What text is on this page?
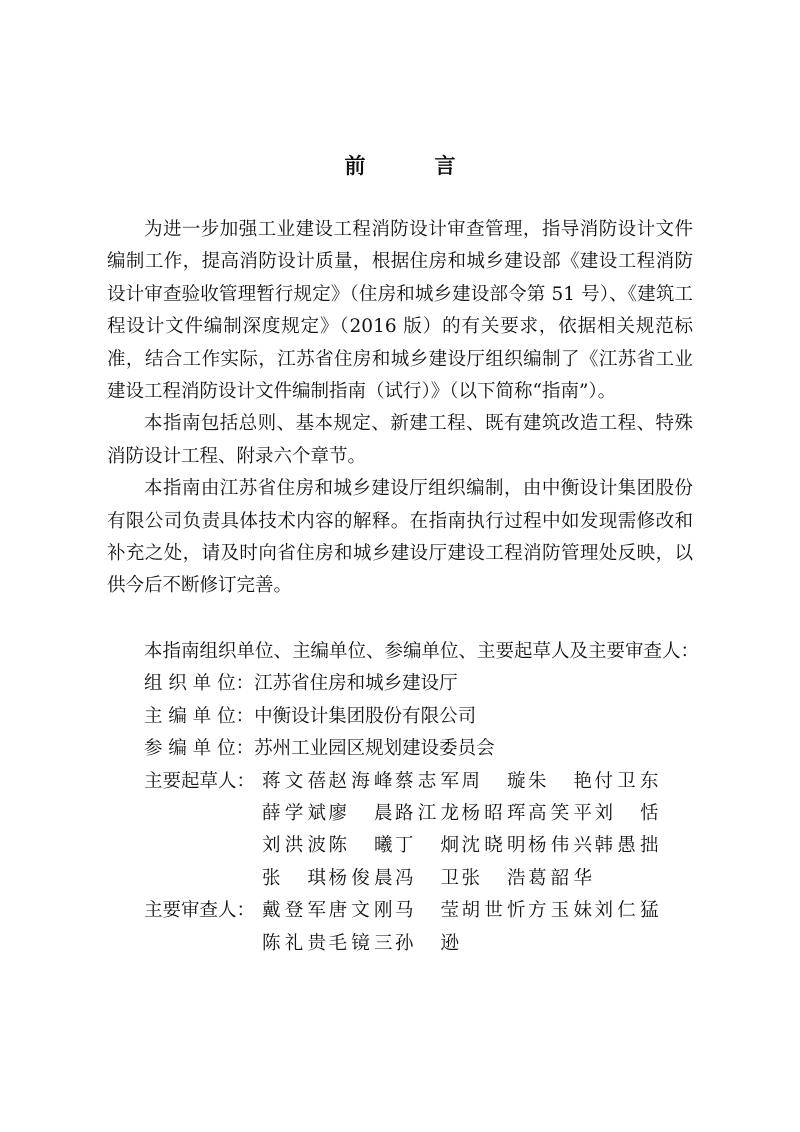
前　言

为进一步加强工业建设工程消防设计审查管理，指导消防设计文件编制工作，提高消防设计质量，根据住房和城乡建设部《建设工程消防设计审查验收管理暂行规定》（住房和城乡建设部令第 51 号）、《建筑工程设计文件编制深度规定》（2016 版）的有关要求，依据相关规范标准，结合工作实际，江苏省住房和城乡建设厅组织编制了《江苏省工业建设工程消防设计文件编制指南（试行）》（以下简称“指南”）。

本指南包括总则、基本规定、新建工程、既有建筑改造工程、特殊消防设计工程、附录六个章节。

本指南由江苏省住房和城乡建设厅组织编制，由中衡设计集团股份有限公司负责具体技术内容的解释。在指南执行过程中如发现需修改和补充之处，请及时向省住房和城乡建设厅建设工程消防管理处反映，以供今后不断修订完善。

本指南组织单位、主编单位、参编单位、主要起草人及主要审查人：
组 织 单 位：江苏省住房和城乡建设厅
主 编 单 位：中衡设计集团股份有限公司
参 编 单 位：苏州工业园区规划建设委员会
主要起草人： 蒋文蓓 赵海峰 蔡志军 周 璇 朱 艳 付卫东
薛学斌 廖 晨 路江龙 杨昭珲 高笑平 刘 恬
刘洪波 陈 曦 丁 炯 沈晓明 杨伟兴 韩愚拙
张 琪 杨俊晨 冯 卫 张 浩 葛韶华
主要审查人： 戴登军 唐文刚 马 莹 胡世忻 方玉妹 刘仁猛
陈礼贵 毛镜三 孙 逊
